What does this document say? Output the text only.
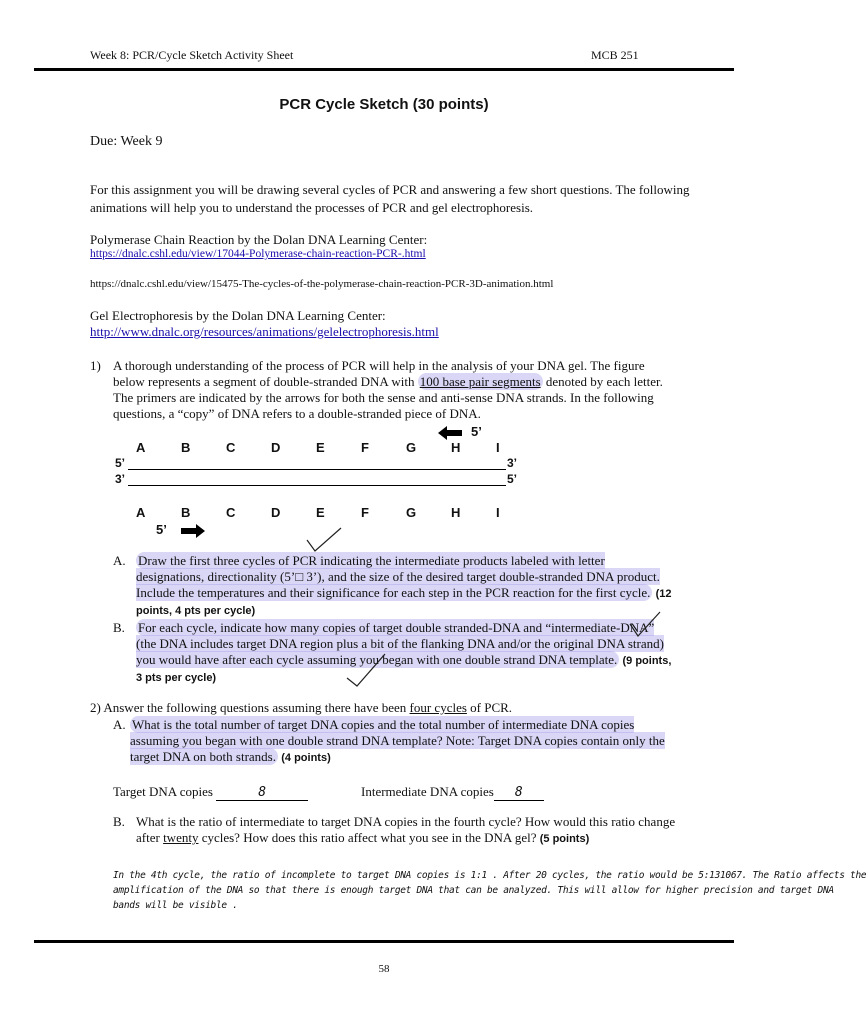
Week 8: PCR/Cycle Sketch Activity Sheet	MCB 251
PCR Cycle Sketch (30 points)
Due: Week 9
For this assignment you will be drawing several cycles of PCR and answering a few short questions. The following animations will help you to understand the processes of PCR and gel electrophoresis.
Polymerase Chain Reaction by the Dolan DNA Learning Center:
https://dnalc.cshl.edu/view/17044-Polymerase-chain-reaction-PCR-.html
https://dnalc.cshl.edu/view/15475-The-cycles-of-the-polymerase-chain-reaction-PCR-3D-animation.html
Gel Electrophoresis by the Dolan DNA Learning Center:
http://www.dnalc.org/resources/animations/gelelectrophoresis.html
1) A thorough understanding of the process of PCR will help in the analysis of your DNA gel. The figure below represents a segment of double-stranded DNA with 100 base pair segments denoted by each letter. The primers are indicated by the arrows for both the sense and anti-sense DNA strands. In the following questions, a “copy” of DNA refers to a double-stranded piece of DNA.
5’
A	B	C	D	E	F	G	H	I
5’	3’
3’	5’
A	B	C	D	E	F	G	H	I
5’
A. Draw the first three cycles of PCR indicating the intermediate products labeled with letter designations, directionality (5’□ 3’), and the size of the desired target double-stranded DNA product. Include the temperatures and their significance for each step in the PCR reaction for the first cycle. (12 points, 4 pts per cycle)
B. For each cycle, indicate how many copies of target double stranded-DNA and “intermediate-DNA” (the DNA includes target DNA region plus a bit of the flanking DNA and/or the original DNA strand) you would have after each cycle assuming you began with one double strand DNA template. (9 points, 3 pts per cycle)
2) Answer the following questions assuming there have been four cycles of PCR.
A. What is the total number of target DNA copies and the total number of intermediate DNA copies assuming you began with one double strand DNA template? Note: Target DNA copies contain only the target DNA on both strands. (4 points)
Target DNA copies	8	Intermediate DNA copies 8
B. What is the ratio of intermediate to target DNA copies in the fourth cycle? How would this ratio change after twenty cycles? How does this ratio affect what you see in the DNA gel? (5 points)
In the 4th cycle, the ratio of incomplete to target DNA copies is 1:1 . After 20 cycles, the ratio would be 5:131067. The Ratio affects the
amplification of the DNA so that there is enough target DNA that can be analyzed. This will allow for higher precision and target DNA
bands will be visible .
58
